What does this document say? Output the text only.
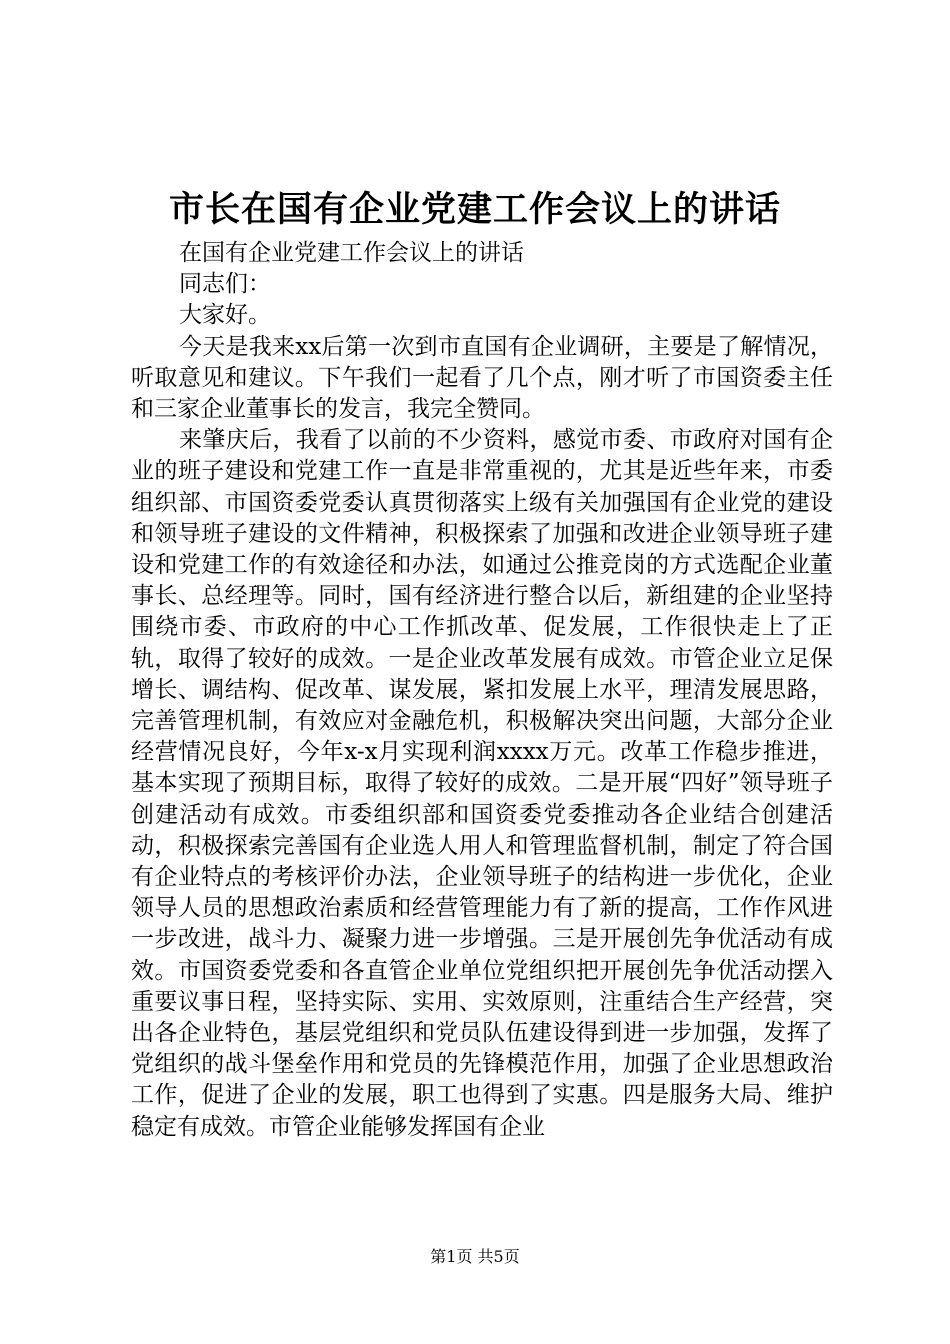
市长在国有企业党建工作会议上的讲话

在国有企业党建工作会议上的讲话

同志们：

大家好。

今天是我来xx后第一次到市直国有企业调研，主要是了解情况，听取意见和建议。下午我们一起看了几个点，刚才听了市国资委主任和三家企业董事长的发言，我完全赞同。

来肇庆后，我看了以前的不少资料，感觉市委、市政府对国有企业的班子建设和党建工作一直是非常重视的，尤其是近些年来，市委组织部、市国资委党委认真贯彻落实上级有关加强国有企业党的建设和领导班子建设的文件精神，积极探索了加强和改进企业领导班子建设和党建工作的有效途径和办法，如通过公推竞岗的方式选配企业董事长、总经理等。同时，国有经济进行整合以后，新组建的企业坚持围绕市委、市政府的中心工作抓改革、促发展，工作很快走上了正轨，取得了较好的成效。一是企业改革发展有成效。市管企业立足保增长、调结构、促改革、谋发展，紧扣发展上水平，理清发展思路，完善管理机制，有效应对金融危机，积极解决突出问题，大部分企业经营情况良好，今年x-x月实现利润xxxx万元。改革工作稳步推进，基本实现了预期目标，取得了较好的成效。二是开展“四好”领导班子创建活动有成效。市委组织部和国资委党委推动各企业结合创建活动，积极探索完善国有企业选人用人和管理监督机制，制定了符合国有企业特点的考核评价办法，企业领导班子的结构进一步优化，企业领导人员的思想政治素质和经营管理能力有了新的提高，工作作风进一步改进，战斗力、凝聚力进一步增强。三是开展创先争优活动有成效。市国资委党委和各直管企业单位党组织把开展创先争优活动摆入重要议事日程，坚持实际、实用、实效原则，注重结合生产经营，突出各企业特色，基层党组织和党员队伍建设得到进一步加强，发挥了党组织的战斗堡垒作用和党员的先锋模范作用，加强了企业思想政治工作，促进了企业的发展，职工也得到了实惠。四是服务大局、维护稳定有成效。市管企业能够发挥国有企业

第1页 共5页
